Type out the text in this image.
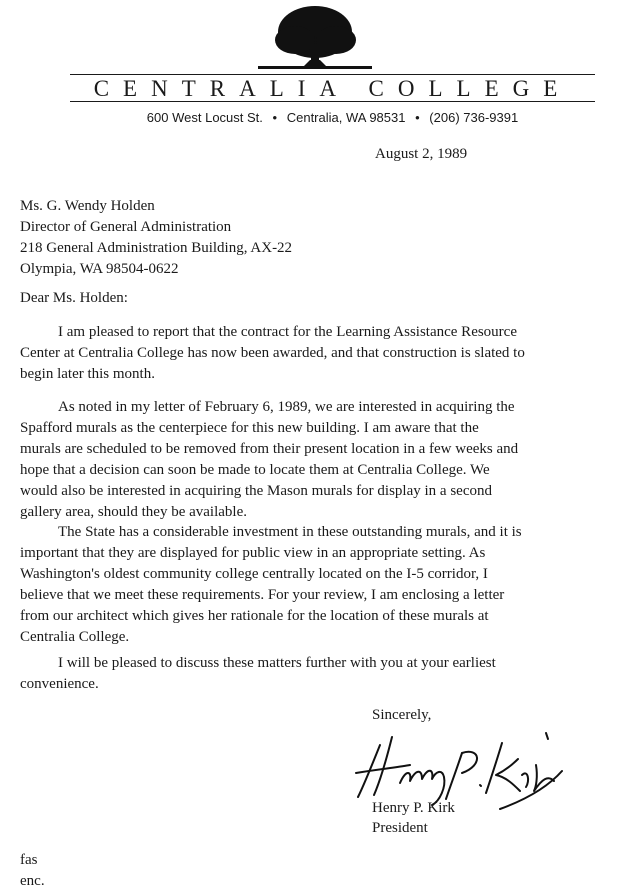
CENTRALIA COLLEGE
600 West Locust St. • Centralia, WA 98531 • (206) 736-9391
August 2, 1989
Ms. G. Wendy Holden
Director of General Administration
218 General Administration Building, AX-22
Olympia, WA 98504-0622
Dear Ms. Holden:

I am pleased to report that the contract for the Learning Assistance Resource
Center at Centralia College has now been awarded, and that construction is slated to
begin later this month.

As noted in my letter of February 6, 1989, we are interested in acquiring the
Spafford murals as the centerpiece for this new building. I am aware that the
murals are scheduled to be removed from their present location in a few weeks and
hope that a decision can soon be made to locate them at Centralia College. We
would also be interested in acquiring the Mason murals for display in a second
gallery area, should they be available.

The State has a considerable investment in these outstanding murals, and it is
important that they are displayed for public view in an appropriate setting. As
Washington's oldest community college centrally located on the I-5 corridor, I
believe that we meet these requirements. For your review, I am enclosing a letter
from our architect which gives her rationale for the location of these murals at
Centralia College.

I will be pleased to discuss these matters further with you at your earliest
convenience.

Sincerely,
Henry P. Kirk
President
fas
enc.
